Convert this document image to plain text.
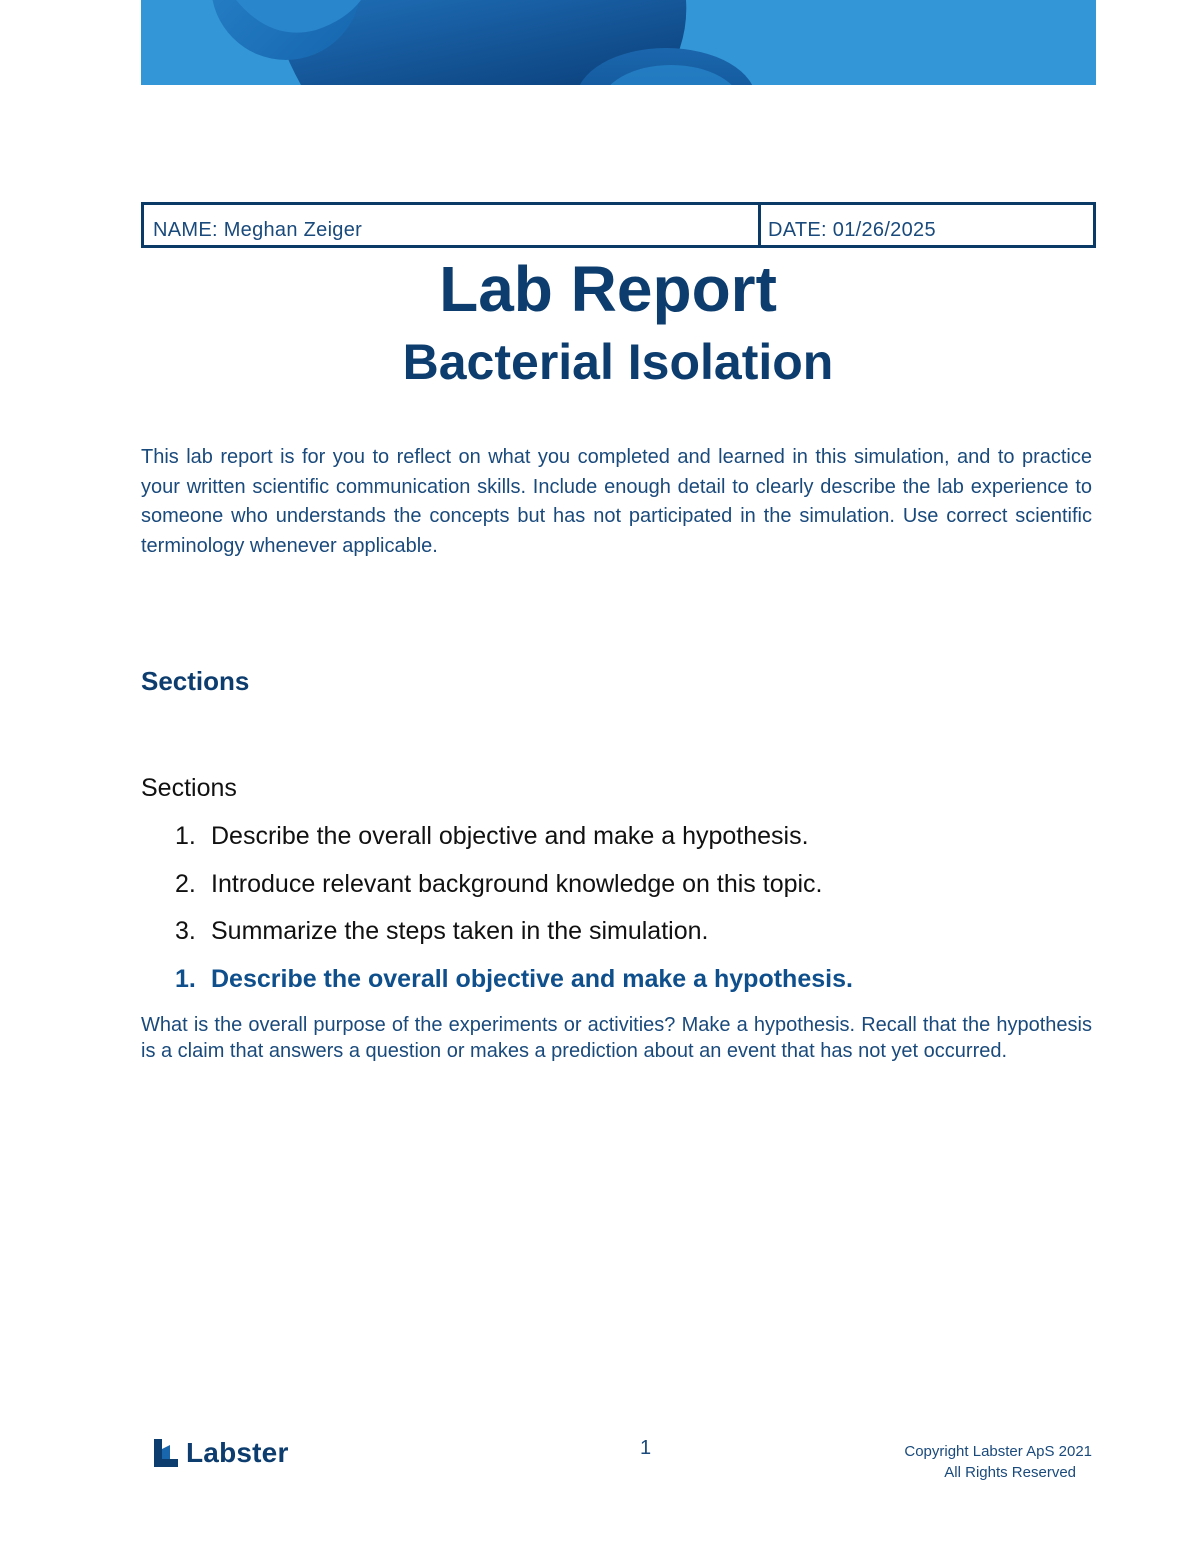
NAME: Meghan Zeiger	DATE: 01/26/2025
Lab Report
Bacterial Isolation

This lab report is for you to reflect on what you completed and learned in this simulation, and to practice your written scientific communication skills. Include enough detail to clearly describe the lab experience to someone who understands the concepts but has not participated in the simulation. Use correct scientific terminology whenever applicable.

Sections
Sections
1. Describe the overall objective and make a hypothesis.
2. Introduce relevant background knowledge on this topic.
3. Summarize the steps taken in the simulation.
1. Describe the overall objective and make a hypothesis.

What is the overall purpose of the experiments or activities? Make a hypothesis. Recall that the hypothesis is a claim that answers a question or makes a prediction about an event that has not yet occurred.

Labster	1	Copyright Labster ApS 2021
All Rights Reserved
